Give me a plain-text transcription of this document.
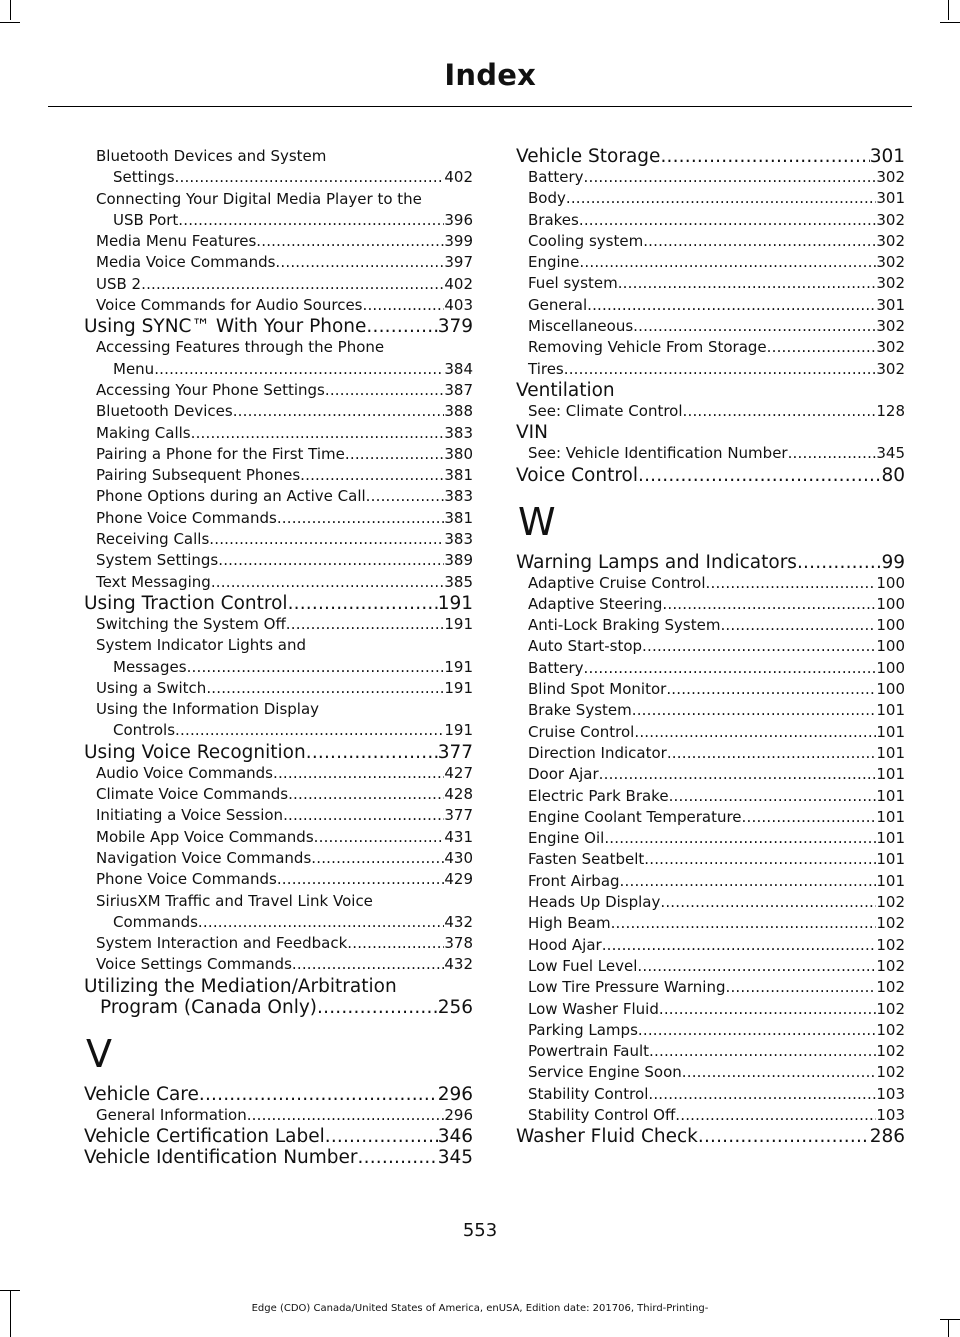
Index
Bluetooth Devices and System
Settings .....	402
Connecting Your Digital Media Player to the
USB Port .....	396
Media Menu Features .....	399
Media Voice Commands .....	397
USB 2 .....	402
Voice Commands for Audio Sources .....	403
Using SYNC™ With Your Phone .....	379
Accessing Features through the Phone
Menu .....	384
Accessing Your Phone Settings .....	387
Bluetooth Devices .....	388
Making Calls .....	383
Pairing a Phone for the First Time .....	380
Pairing Subsequent Phones .....	381
Phone Options during an Active Call .....	383
Phone Voice Commands .....	381
Receiving Calls .....	383
System Settings .....	389
Text Messaging .....	385
Using Traction Control .....	191
Switching the System Off .....	191
System Indicator Lights and
Messages .....	191
Using a Switch .....	191
Using the Information Display
Controls .....	191
Using Voice Recognition .....	377
Audio Voice Commands .....	427
Climate Voice Commands .....	428
Initiating a Voice Session .....	377
Mobile App Voice Commands .....	431
Navigation Voice Commands .....	430
Phone Voice Commands .....	429
SiriusXM Traffic and Travel Link Voice
Commands .....	432
System Interaction and Feedback .....	378
Voice Settings Commands .....	432
Utilizing the Mediation/Arbitration
Program (Canada Only) .....	256
V
Vehicle Care .....	296
General Information .....	296
Vehicle Certification Label .....	346
Vehicle Identification Number .....	345
Vehicle Storage .....	301
Battery .....	302
Body .....	301
Brakes .....	302
Cooling system .....	302
Engine .....	302
Fuel system .....	302
General .....	301
Miscellaneous .....	302
Removing Vehicle From Storage .....	302
Tires .....	302
Ventilation
See: Climate Control .....	128
VIN
See: Vehicle Identification Number .....	345
Voice Control .....	80
W
Warning Lamps and Indicators .....	99
Adaptive Cruise Control .....	100
Adaptive Steering .....	100
Anti-Lock Braking System .....	100
Auto Start-stop .....	100
Battery .....	100
Blind Spot Monitor .....	100
Brake System .....	101
Cruise Control .....	101
Direction Indicator .....	101
Door Ajar .....	101
Electric Park Brake .....	101
Engine Coolant Temperature .....	101
Engine Oil .....	101
Fasten Seatbelt .....	101
Front Airbag .....	101
Heads Up Display .....	102
High Beam .....	102
Hood Ajar .....	102
Low Fuel Level .....	102
Low Tire Pressure Warning .....	102
Low Washer Fluid .....	102
Parking Lamps .....	102
Powertrain Fault .....	102
Service Engine Soon .....	102
Stability Control .....	103
Stability Control Off .....	103
Washer Fluid Check .....	286
553
Edge (CDO) Canada/United States of America, enUSA, Edition date: 201706, Third-Printing-
